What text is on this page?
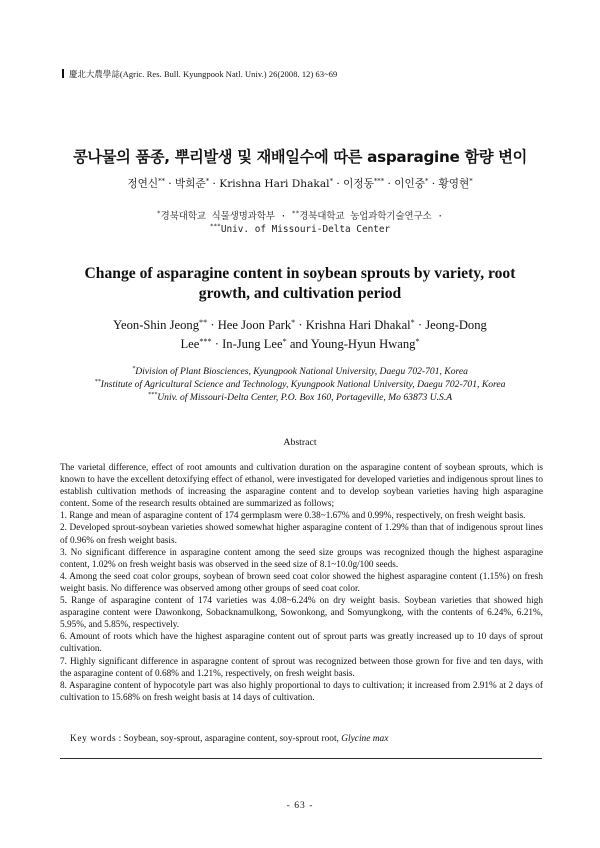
慶北大農學誌(Agric. Res. Bull. Kyungpook Natl. Univ.) 26(2008. 12) 63~69
콩나물의 품종, 뿌리발생 및 재배일수에 따른 asparagine 함량 변이
정연신** · 박희준* · Krishna Hari Dhakal* · 이정동*** · 이인중* · 황영현*
*경북대학교 식물생명과학부 · **경북대학교 농업과학기술연구소 ·
***Univ. of Missouri-Delta Center
Change of asparagine content in soybean sprouts by variety, root
growth, and cultivation period
Yeon-Shin Jeong** · Hee Joon Park* · Krishna Hari Dhakal* · Jeong-Dong
Lee*** · In-Jung Lee* and Young-Hyun Hwang*
*Division of Plant Biosciences, Kyungpook National University, Daegu 702-701, Korea
**Institute of Agricultural Science and Technology, Kyungpook National University, Daegu 702-701, Korea
***Univ. of Missouri-Delta Center, P.O. Box 160, Portageville, Mo 63873 U.S.A
Abstract

The varietal difference, effect of root amounts and cultivation duration on the asparagine content of soybean sprouts, which is known to have the excellent detoxifying effect of ethanol, were investigated for developed varieties and indigenous sprout lines to establish cultivation methods of increasing the asparagine content and to develop soybean varieties having high asparagine content. Some of the research results obtained are summarized as follows;

1. Range and mean of asparagine content of 174 germplasm were 0.38~1.67% and 0.99%, respectively, on fresh weight basis.

2. Developed sprout-soybean varieties showed somewhat higher asparagine content of 1.29% than that of indigenous sprout lines of 0.96% on fresh weight basis.

3. No significant difference in asparagine content among the seed size groups was recognized though the highest asparagine content, 1.02% on fresh weight basis was observed in the seed size of 8.1~10.0g/100 seeds.

4. Among the seed coat color groups, soybean of brown seed coat color showed the highest asparagine content (1.15%) on fresh weight basis. No difference was observed among other groups of seed coat color.

5. Range of asparagine content of 174 varieties was 4.08~6.24% on dry weight basis. Soybean varieties that showed high asparagine content were Dawonkong, Sobacknamulkong, Sowonkong, and Somyungkong, with the contents of 6.24%, 6.21%, 5.95%, and 5.85%, respectively.

6. Amount of roots which have the highest asparagine content out of sprout parts was greatly increased up to 10 days of sprout cultivation.

7. Highly significant difference in asparagne content of sprout was recognized between those grown for five and ten days, with the asparagine content of 0.68% and 1.21%, respectively, on fresh weight basis.

8. Asparagine content of hypocotyle part was also highly proportional to days to cultivation; it increased from 2.91% at 2 days of cultivation to 15.68% on fresh weight basis at 14 days of cultivation.

Key words : Soybean, soy-sprout, asparagine content, soy-sprout root, Glycine max
- 63 -
